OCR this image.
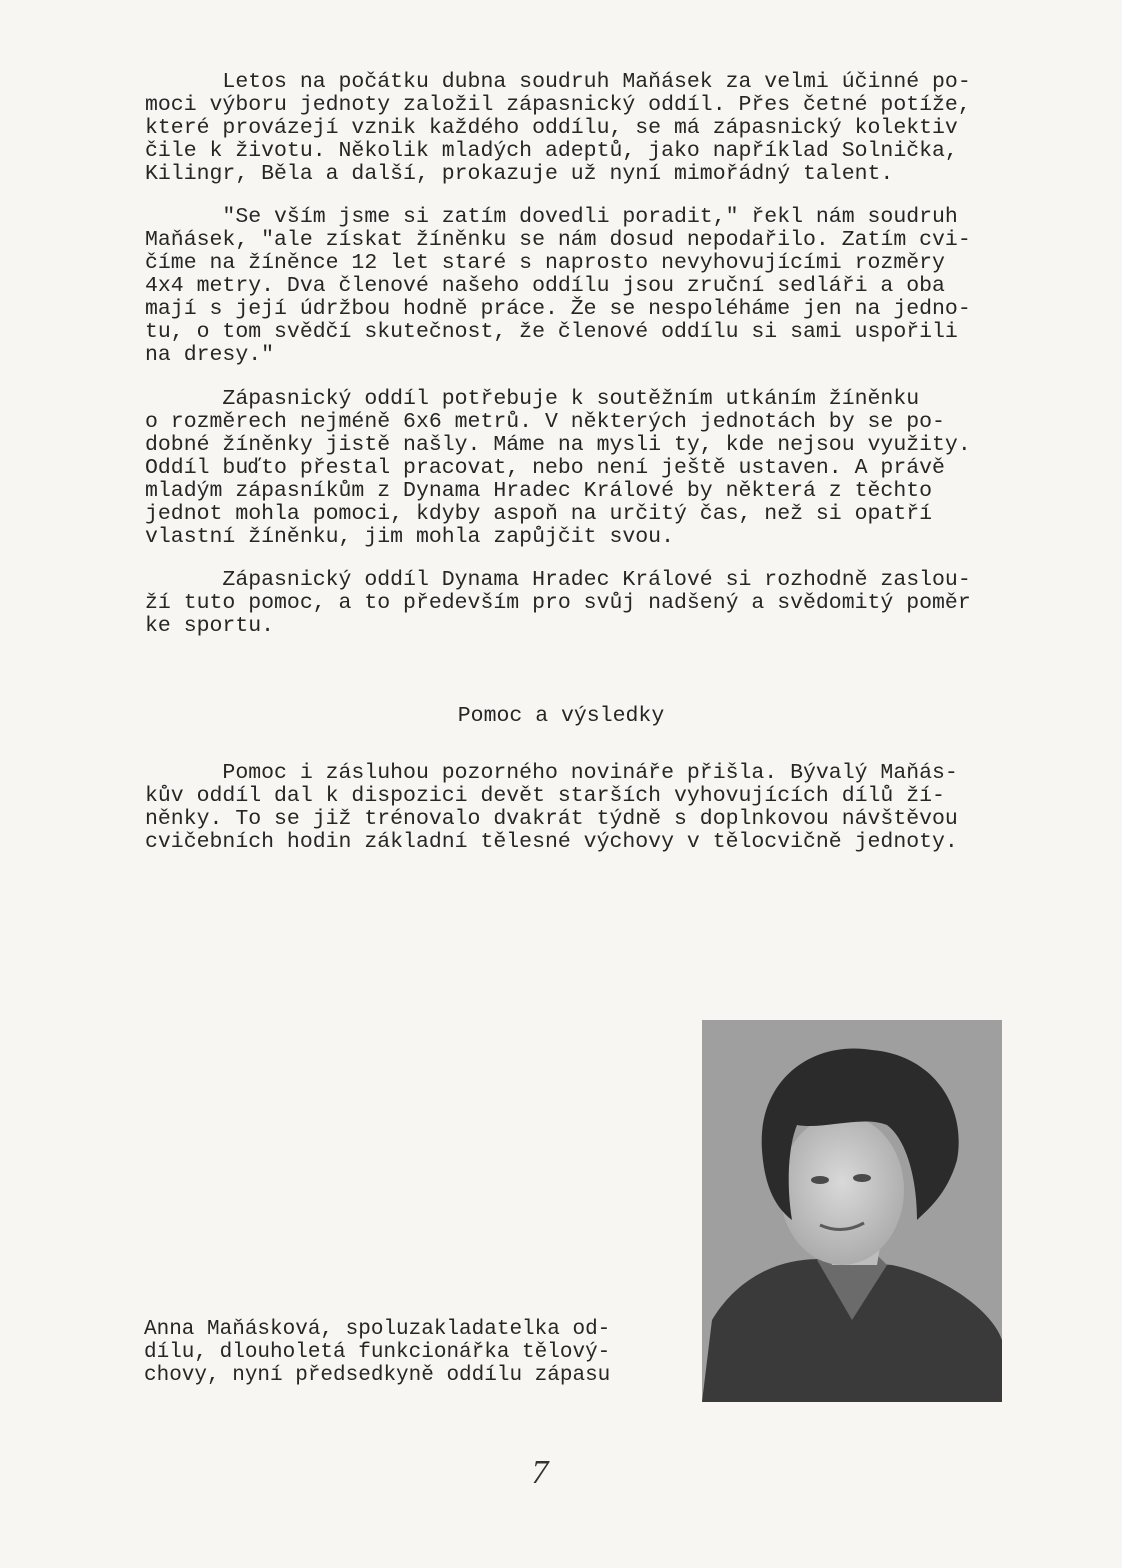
Letos na počátku dubna soudruh Maňásek za velmi účinné po-
moci výboru jednoty založil zápasnický oddíl. Přes četné potíže,
které provázejí vznik každého oddílu, se má zápasnický kolektiv
čile k životu. Několik mladých adeptů, jako například Solnička,
Kilingr, Běla a další, prokazuje už nyní mimořádný talent.
"Se vším jsme si zatím dovedli poradit," řekl nám soudruh
Maňásek, "ale získat žíněnku se nám dosud nepodařilo. Zatím cvi-
číme na žíněnce 12 let staré s naprosto nevyhovujícími rozměry
4x4 metry. Dva členové našeho oddílu jsou zruční sedláři a oba
mají s její údržbou hodně práce. Že se nespoléháme jen na jedno-
tu, o tom svědčí skutečnost, že členové oddílu si sami uspořili
na dresy."
Zápasnický oddíl potřebuje k soutěžním utkáním žíněnku
o rozměrech nejméně 6x6 metrů. V některých jednotách by se po-
dobné žíněnky jistě našly. Máme na mysli ty, kde nejsou využity.
Oddíl buďto přestal pracovat, nebo není ještě ustaven. A právě
mladým zápasníkům z Dynama Hradec Králové by některá z těchto
jednot mohla pomoci, kdyby aspoň na určitý čas, než si opatří
vlastní žíněnku, jim mohla zapůjčit svou.
Zápasnický oddíl Dynama Hradec Králové si rozhodně zaslou-
ží tuto pomoc, a to především pro svůj nadšený a svědomitý poměr
ke sportu.
Pomoc a výsledky
Pomoc i zásluhou pozorného novináře přišla. Bývalý Maňás-
kův oddíl dal k dispozici devět starších vyhovujících dílů ží-
něnky. To se již trénovalo dvakrát týdně s doplnkovou návštěvou
cvičebních hodin základní tělesné výchovy v tělocvičně jednoty.
Anna Maňásková, spoluzakladatelka od-
dílu, dlouholetá funkcionářka tělový-
chovy, nyní předsedkyně oddílu zápasu
7
